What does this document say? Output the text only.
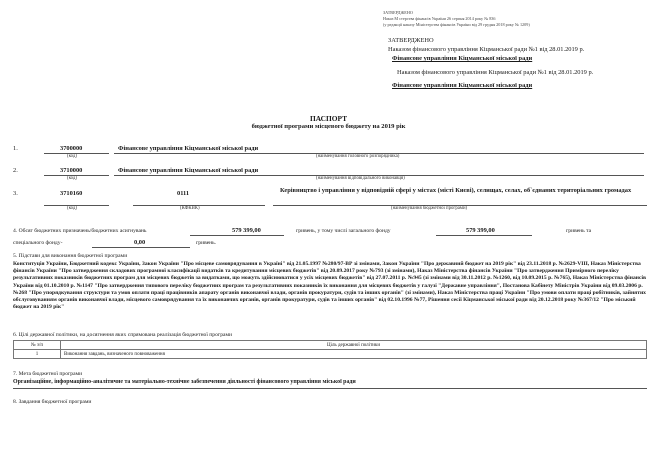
ЗАТВЕРДЖЕНО
Наказ М стерства фінансів України 26 серпня 2014 року № 836
(у редакції наказу Міністерства фінансів України від 29 грудня 2018 року № 1209)
ЗАТВЕРДЖЕНО
Наказом фінансового управління Кіцманської ради №1 від 28.01.2019 р.
Фінансове управління Кіцманської міської ради
Наказом фінансового управління Кіцманської ради №1 від 28.01.2019 р.
Фінансове управління Кіцманської міської ради
ПАСПОРТ
бюджетної програми місцевого бюджету на 2019 рік
1.	3700000	Фінансове управління Кіцманської міської ради
(код)	(найменування головного розпорядника)
2.	3710000	Фінансове управління Кіцманської міської ради
(код)	(найменування відповідального виконавця)
3.	3710160	0111	Керівництво і управління у відповідній сфері у містах (місті Києві), селищах, селах, об`єднаних територіальних громадах
(код)	(КФКВК)	(найменування бюджетної програми)
4. Обсяг бюджетних призначень/бюджетних асигнувань	579 399,00	гривень, у тому числі загального фонду	579 399,00	гривень та
спеціального фонду-	0,00	гривень.
5. Підстави для виконання бюджетної програми
Конституція України, Бюджетний кодекс України, Закон України "Про місцеве самоврядування в Україні" від 21.05.1997 №280/97-ВР зі змінами, Закон України "Про державний бюджет на 2019 рік" від 23.11.2018 р. №2629-VIII, Наказ Міністерства фінансів України "Про затвердження складових програмної класифікації видатків та кредитування місцевих бюджетів" від 20.09.2017 року №793 (зі змінами), Наказ Міністерства фінансів України "Про затвердження Примірного переліку результативних показників бюджетних програм для місцевих бюджетів за видатками, що можуть здійснюватися у усіх місцевих бюджетів" від 27.07.2011 р. №945 (зі змінами від 30.11.2012 р. №1260, від 10.09.2015 р. №765), Наказ Міністерства фінансів України від 01.10.2010 р. №1147 "Про затвердження типового переліку бюджетних програм та результативних показників їх виконання для місцевих бюджетів у галузі "Державне управління", Постанова Кабінету Міністрів України від 09.03.2006 р. №268 "Про упорядкування структури та умов оплати праці працівників апарату органів виконавчої влади, органів прокуратури, судів та інших органів" (зі змінами), Наказ Міністерства праці України "Про умови оплати праці робітників, зайнятих обслуговуванням органів виконавчої влади, місцевого самоврядування та їх виконавчих органів, органів прокуратури, судів та інших органів" від 02.10.1996 №77, Рішення сесії Кіцманської міської ради від 20.12.2018 року №367/12 "Про міський бюджет на 2019 рік"
6. Цілі державної політики, на досягнення яких спрямована реалізація бюджетної програми
№ з/п	Ціль державної політики
1	Виконання завдань, визначеного повноваження
7. Мета бюджетної програми
Організаційне, інформаційно-аналітичне та матеріально-технічне забезпечення діяльності фінансового управління міської ради
8. Завдання бюджетної програми
